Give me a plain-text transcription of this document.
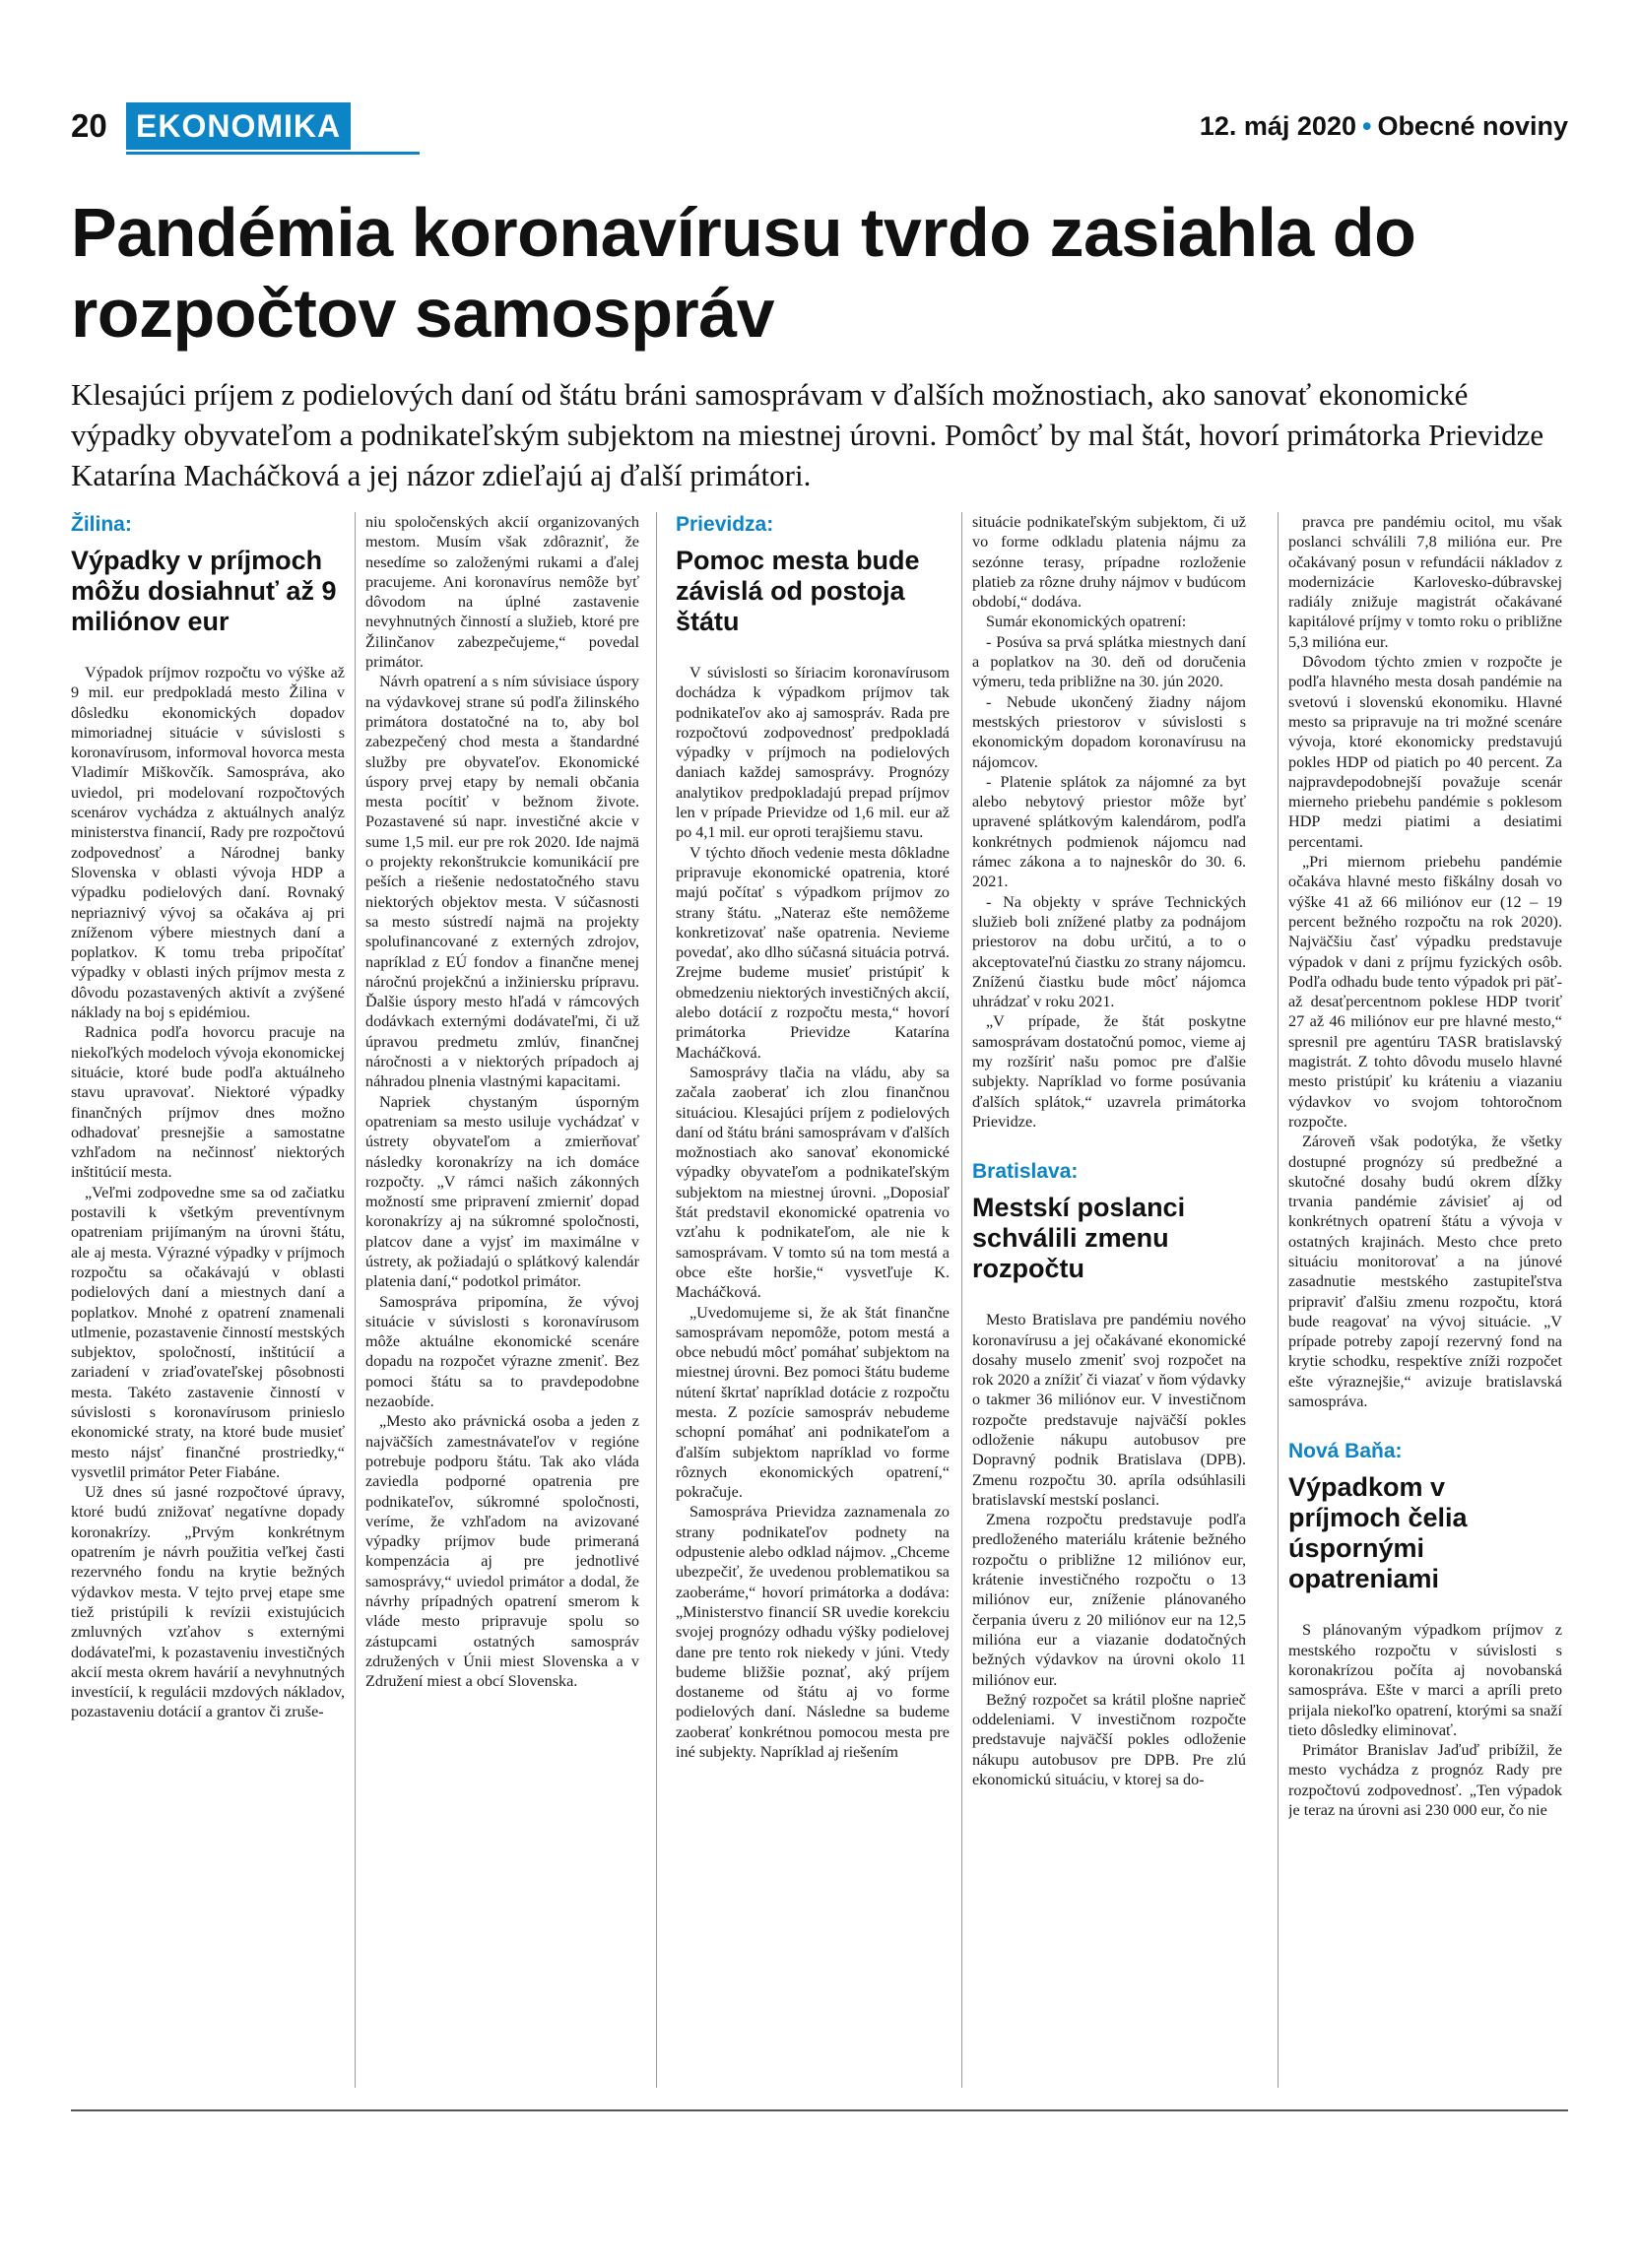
20 EKONOMIKA	12. máj 2020 • Obecné noviny
Pandémia koronavírusu tvrdo zasiahla do rozpočtov samospráv

Klesajúci príjem z podielových daní od štátu bráni samosprávam v ďalších možnostiach, ako sanovať ekonomické výpadky obyvateľom a podnikateľským subjektom na miestnej úrovni. Pomôcť by mal štát, hovorí primátorka Prievidze Katarína Macháčková a jej názor zdieľajú aj ďalší primátori.

Žilina:
Výpadky v príjmoch môžu dosiahnuť až 9 miliónov eur

Výpadok príjmov rozpočtu vo výške až 9 mil. eur predpokladá mesto Žilina v dôsledku ekonomických dopadov mimoriadnej situácie v súvislosti s koronavírusom, informoval hovorca mesta Vladimír Miškovčík. Samospráva, ako uviedol, pri modelovaní rozpočtových scenárov vychádza z aktuálnych analýz ministerstva financií, Rady pre rozpočtovú zodpovednosť a Národnej banky Slovenska v oblasti vývoja HDP a výpadku podielových daní. Rovnaký nepriaznivý vývoj sa očakáva aj pri zníženom výbere miestnych daní a poplatkov. K tomu treba pripočítať výpadky v oblasti iných príjmov mesta z dôvodu pozastavených aktivít a zvýšené náklady na boj s epidémiou.

Radnica podľa hovorcu pracuje na niekoľkých modeloch vývoja ekonomickej situácie, ktoré bude podľa aktuálneho stavu upravovať. Niektoré výpadky finančných príjmov dnes možno odhadovať presnejšie a samostatne vzhľadom na nečinnosť niektorých inštitúcií mesta.

„Veľmi zodpovedne sme sa od začiatku postavili k všetkým preventívnym opatreniam prijímaným na úrovni štátu, ale aj mesta. Výrazné výpadky v príjmoch rozpočtu sa očakávajú v oblasti podielových daní a miestnych daní a poplatkov. Mnohé z opatrení znamenali utlmenie, pozastavenie činností mestských subjektov, spoločností, inštitúcií a zariadení v zriaďovateľskej pôsobnosti mesta. Takéto zastavenie činností v súvislosti s koronavírusom prinieslo ekonomické straty, na ktoré bude musieť mesto nájsť finančné prostriedky,“ vysvetlil primátor Peter Fiabáne.

Už dnes sú jasné rozpočtové úpravy, ktoré budú znižovať negatívne dopady koronakrízy. „Prvým konkrétnym opatrením je návrh použitia veľkej časti rezervného fondu na krytie bežných výdavkov mesta. V tejto prvej etape sme tiež pristúpili k revízii existujúcich zmluvných vzťahov s externými dodávateľmi, k pozastaveniu investičných akcií mesta okrem havárií a nevyhnutných investícií, k regulácii mzdových nákladov, pozastaveniu dotácií a grantov či zruše-

niu spoločenských akcií organizovaných mestom. Musím však zdôrazniť, že nesedíme so založenými rukami a ďalej pracujeme. Ani koronavírus nemôže byť dôvodom na úplné zastavenie nevyhnutných činností a služieb, ktoré pre Žilinčanov zabezpečujeme,“ povedal primátor.

Návrh opatrení a s ním súvisiace úspory na výdavkovej strane sú podľa žilinského primátora dostatočné na to, aby bol zabezpečený chod mesta a štandardné služby pre obyvateľov. Ekonomické úspory prvej etapy by nemali občania mesta pocítiť v bežnom živote. Pozastavené sú napr. investičné akcie v sume 1,5 mil. eur pre rok 2020. Ide najmä o projekty rekonštrukcie komunikácií pre peších a riešenie nedostatočného stavu niektorých objektov mesta. V súčasnosti sa mesto sústredí najmä na projekty spolufinancované z externých zdrojov, napríklad z EÚ fondov a finančne menej náročnú projekčnú a inžiniersku prípravu. Ďalšie úspory mesto hľadá v rámcových dodávkach externými dodávateľmi, či už úpravou predmetu zmlúv, finančnej náročnosti a v niektorých prípadoch aj náhradou plnenia vlastnými kapacitami.

Napriek chystaným úsporným opatreniam sa mesto usiluje vychádzať v ústrety obyvateľom a zmierňovať následky koronakrízy na ich domáce rozpočty. „V rámci našich zákonných možností sme pripravení zmierniť dopad koronakrízy aj na súkromné spoločnosti, platcov dane a vyjsť im maximálne v ústrety, ak požiadajú o splátkový kalendár platenia daní,“ podotkol primátor.

Samospráva pripomína, že vývoj situácie v súvislosti s koronavírusom môže aktuálne ekonomické scenáre dopadu na rozpočet výrazne zmeniť. Bez pomoci štátu sa to pravdepodobne nezaobíde.

„Mesto ako právnická osoba a jeden z najväčších zamestnávateľov v regióne potrebuje podporu štátu. Tak ako vláda zaviedla podporné opatrenia pre podnikateľov, súkromné spoločnosti, veríme, že vzhľadom na avizované výpadky príjmov bude primeraná kompenzácia aj pre jednotlivé samosprávy,“ uviedol primátor a dodal, že návrhy prípadných opatrení smerom k vláde mesto pripravuje spolu so zástupcami ostatných samospráv združených v Únii miest Slovenska a v Združení miest a obcí Slovenska.

Prievidza:
Pomoc mesta bude závislá od postoja štátu

V súvislosti so šíriacim koronavírusom dochádza k výpadkom príjmov tak podnikateľov ako aj samospráv. Rada pre rozpočtovú zodpovednosť predpokladá výpadky v príjmoch na podielových daniach každej samosprávy. Prognózy analytikov predpokladajú prepad príjmov len v prípade Prievidze od 1,6 mil. eur až po 4,1 mil. eur oproti terajšiemu stavu.

V týchto dňoch vedenie mesta dôkladne pripravuje ekonomické opatrenia, ktoré majú počítať s výpadkom príjmov zo strany štátu. „Nateraz ešte nemôžeme konkretizovať naše opatrenia. Nevieme povedať, ako dlho súčasná situácia potrvá. Zrejme budeme musieť pristúpiť k obmedzeniu niektorých investičných akcií, alebo dotácií z rozpočtu mesta,“ hovorí primátorka Prievidze Katarína Macháčková.

Samosprávy tlačia na vládu, aby sa začala zaoberať ich zlou finančnou situáciou. Klesajúci príjem z podielových daní od štátu bráni samosprávam v ďalších možnostiach ako sanovať ekonomické výpadky obyvateľom a podnikateľským subjektom na miestnej úrovni. „Doposiaľ štát predstavil ekonomické opatrenia vo vzťahu k podnikateľom, ale nie k samosprávam. V tomto sú na tom mestá a obce ešte horšie,“ vysvetľuje K. Macháčková.

„Uvedomujeme si, že ak štát finančne samosprávam nepomôže, potom mestá a obce nebudú môcť pomáhať subjektom na miestnej úrovni. Bez pomoci štátu budeme nútení škrtať napríklad dotácie z rozpočtu mesta. Z pozície samospráv nebudeme schopní pomáhať ani podnikateľom a ďalším subjektom napríklad vo forme rôznych ekonomických opatrení,“ pokračuje.

Samospráva Prievidza zaznamenala zo strany podnikateľov podnety na odpustenie alebo odklad nájmov. „Chceme ubezpečiť, že uvedenou problematikou sa zaoberáme,“ hovorí primátorka a dodáva: „Ministerstvo financií SR uvedie korekciu svojej prognózy odhadu výšky podielovej dane pre tento rok niekedy v júni. Vtedy budeme bližšie poznať, aký príjem dostaneme od štátu aj vo forme podielových daní. Následne sa budeme zaoberať konkrétnou pomocou mesta pre iné subjekty. Napríklad aj riešením

situácie podnikateľským subjektom, či už vo forme odkladu platenia nájmu za sezónne terasy, prípadne rozloženie platieb za rôzne druhy nájmov v budúcom období,“ dodáva.

Sumár ekonomických opatrení:

- Posúva sa prvá splátka miestnych daní a poplatkov na 30. deň od doručenia výmeru, teda približne na 30. jún 2020.

- Nebude ukončený žiadny nájom mestských priestorov v súvislosti s ekonomickým dopadom koronavírusu na nájomcov.

- Platenie splátok za nájomné za byt alebo nebytový priestor môže byť upravené splátkovým kalendárom, podľa konkrétnych podmienok nájomcu nad rámec zákona a to najneskôr do 30. 6. 2021.

- Na objekty v správe Technických služieb boli znížené platby za podnájom priestorov na dobu určitú, a to o akceptovateľnú čiastku zo strany nájomcu. Zníženú čiastku bude môcť nájomca uhrádzať v roku 2021.

„V prípade, že štát poskytne samosprávam dostatočnú pomoc, vieme aj my rozšíriť našu pomoc pre ďalšie subjekty. Napríklad vo forme posúvania ďalších splátok,“ uzavrela primátorka Prievidze.

Bratislava:
Mestskí poslanci schválili zmenu rozpočtu

Mesto Bratislava pre pandémiu nového koronavírusu a jej očakávané ekonomické dosahy muselo zmeniť svoj rozpočet na rok 2020 a znížiť či viazať v ňom výdavky o takmer 36 miliónov eur. V investičnom rozpočte predstavuje najväčší pokles odloženie nákupu autobusov pre Dopravný podnik Bratislava (DPB). Zmenu rozpočtu 30. apríla odsúhlasili bratislavskí mestskí poslanci.

Zmena rozpočtu predstavuje podľa predloženého materiálu krátenie bežného rozpočtu o približne 12 miliónov eur, krátenie investičného rozpočtu o 13 miliónov eur, zníženie plánovaného čerpania úveru z 20 miliónov eur na 12,5 milióna eur a viazanie dodatočných bežných výdavkov na úrovni okolo 11 miliónov eur.

Bežný rozpočet sa krátil plošne naprieč oddeleniami. V investičnom rozpočte predstavuje najväčší pokles odloženie nákupu autobusov pre DPB. Pre zlú ekonomickú situáciu, v ktorej sa do-

pravca pre pandémiu ocitol, mu však poslanci schválili 7,8 milióna eur. Pre očakávaný posun v refundácii nákladov z modernizácie Karlovesko-dúbravskej radiály znižuje magistrát očakávané kapitálové príjmy v tomto roku o približne 5,3 milióna eur.

Dôvodom týchto zmien v rozpočte je podľa hlavného mesta dosah pandémie na svetovú i slovenskú ekonomiku. Hlavné mesto sa pripravuje na tri možné scenáre vývoja, ktoré ekonomicky predstavujú pokles HDP od piatich po 40 percent. Za najpravdepodobnejší považuje scenár mierneho priebehu pandémie s poklesom HDP medzi piatimi a desiatimi percentami.

„Pri miernom priebehu pandémie očakáva hlavné mesto fiškálny dosah vo výške 41 až 66 miliónov eur (12 – 19 percent bežného rozpočtu na rok 2020). Najväčšiu časť výpadku predstavuje výpadok v dani z príjmu fyzických osôb. Podľa odhadu bude tento výpadok pri päť- až desaťpercentnom poklese HDP tvoriť 27 až 46 miliónov eur pre hlavné mesto,“ spresnil pre agentúru TASR bratislavský magistrát. Z tohto dôvodu muselo hlavné mesto pristúpiť ku kráteniu a viazaniu výdavkov vo svojom tohtoročnom rozpočte.

Zároveň však podotýka, že všetky dostupné prognózy sú predbežné a skutočné dosahy budú okrem dĺžky trvania pandémie závisieť aj od konkrétnych opatrení štátu a vývoja v ostatných krajinách. Mesto chce preto situáciu monitorovať a na júnové zasadnutie mestského zastupiteľstva pripraviť ďalšiu zmenu rozpočtu, ktorá bude reagovať na vývoj situácie. „V prípade potreby zapojí rezervný fond na krytie schodku, respektíve zníži rozpočet ešte výraznejšie,“ avizuje bratislavská samospráva.

Nová Baňa:
Výpadkom v príjmoch čelia úspornými opatreniami

S plánovaným výpadkom príjmov z mestského rozpočtu v súvislosti s koronakrízou počíta aj novobanská samospráva. Ešte v marci a apríli preto prijala niekoľko opatrení, ktorými sa snaží tieto dôsledky eliminovať.

Primátor Branislav Jaďuď pribížil, že mesto vychádza z prognóz Rady pre rozpočtovú zodpovednosť. „Ten výpadok je teraz na úrovni asi 230 000 eur, čo nie
